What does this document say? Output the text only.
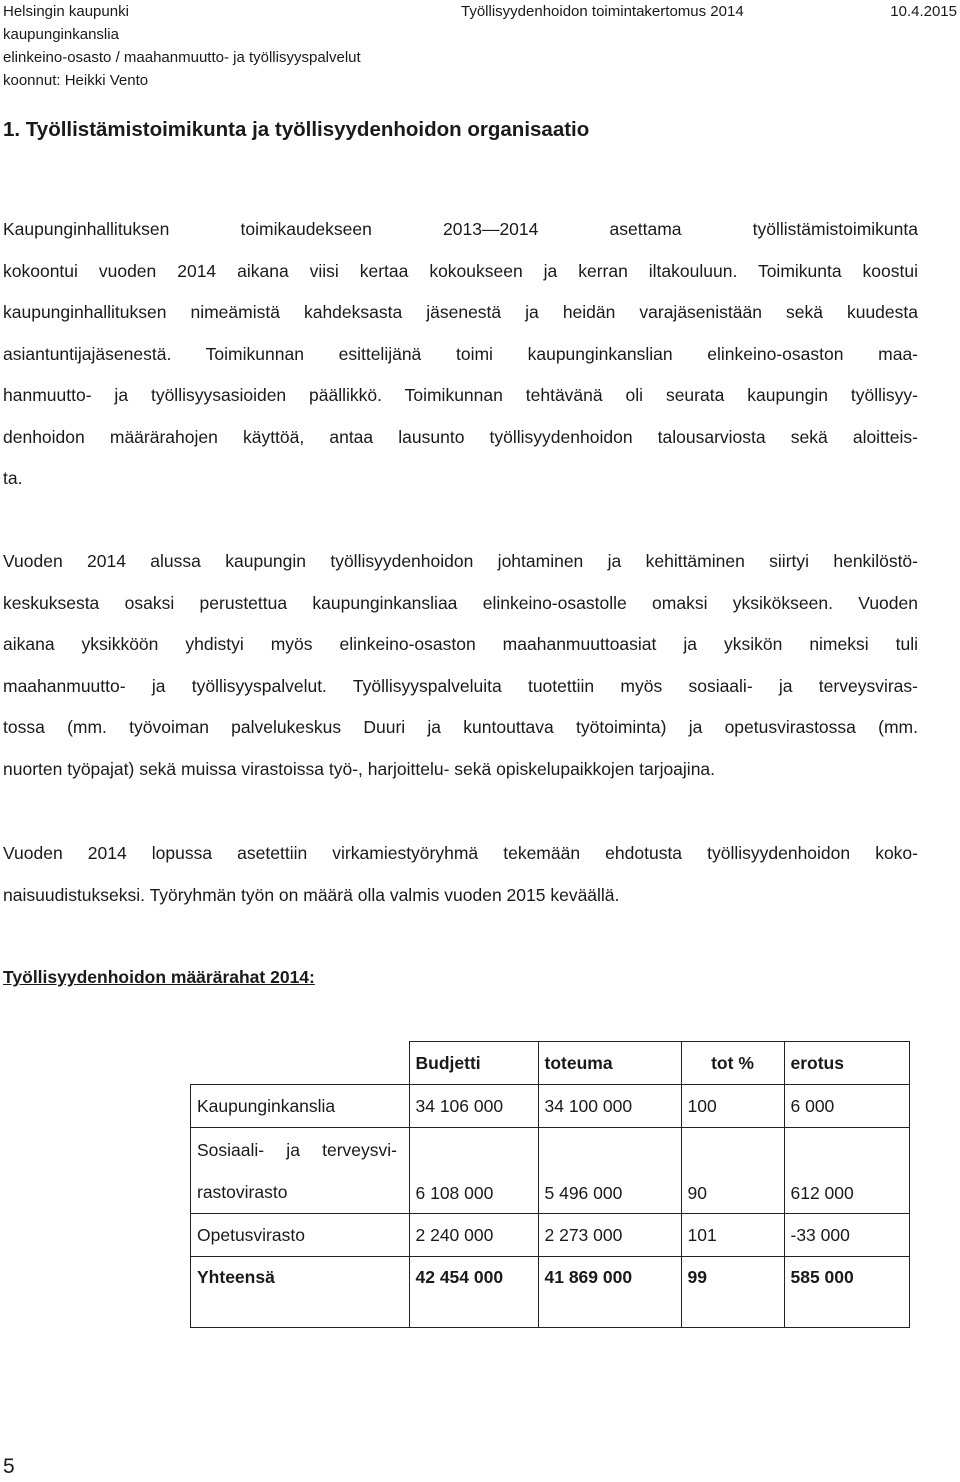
Helsingin kaupunki
kaupunginkanslia
elinkeino-osasto / maahanmuutto- ja työllisyyspalvelut
koonnut: Heikki Vento
Työllisyydenhoidon toimintakertomus 2014	10.4.2015
1. Työllistämistoimikunta ja työllisyydenhoidon organisaatio

Kaupunginhallituksen toimikaudekseen 2013—2014 asettama työllistämistoimikunta
kokoontui vuoden 2014 aikana viisi kertaa kokoukseen ja kerran iltakouluun. Toimikunta koostui
kaupunginhallituksen nimeämistä kahdeksasta jäsenestä ja heidän varajäsenistään sekä kuudesta
asiantuntijajäsenestä. Toimikunnan esittelijänä toimi kaupunginkanslian elinkeino-osaston maa-
hanmuutto- ja työllisyysasioiden päällikkö. Toimikunnan tehtävänä oli seurata kaupungin työllisyy-
denhoidon määrärahojen käyttöä, antaa lausunto työllisyydenhoidon talousarviosta sekä aloitteis-
ta.

Vuoden 2014 alussa kaupungin työllisyydenhoidon johtaminen ja kehittäminen siirtyi henkilöstö-
keskuksesta osaksi perustettua kaupunginkansliaa elinkeino-osastolle omaksi yksikökseen. Vuoden
aikana yksikköön yhdistyi myös elinkeino-osaston maahanmuuttoasiat ja yksikön nimeksi tuli
maahanmuutto- ja työllisyyspalvelut. Työllisyyspalveluita tuotettiin myös sosiaali- ja terveysviras-
tossa (mm. työvoiman palvelukeskus Duuri ja kuntouttava työtoiminta) ja opetusvirastossa (mm.
nuorten työpajat) sekä muissa virastoissa työ-, harjoittelu- sekä opiskelupaikkojen tarjoajina.

Vuoden 2014 lopussa asetettiin virkamiestyöryhmä tekemään ehdotusta työllisyydenhoidon koko-
naisuudistukseksi. Työryhmän työn on määrä olla valmis vuoden 2015 keväällä.

Työllisyydenhoidon määrärahat 2014:
	Budjetti	toteuma	tot %	erotus
Kaupunginkanslia	34 106 000	34 100 000	100	6 000

Sosiaali- ja terveysvi-
rastovirasto	6 108 000	5 496 000	90	612 000
Opetusvirasto	2 240 000	2 273 000	101	-33 000
Yhteensä	42 454 000	41 869 000	99	585 000
5
